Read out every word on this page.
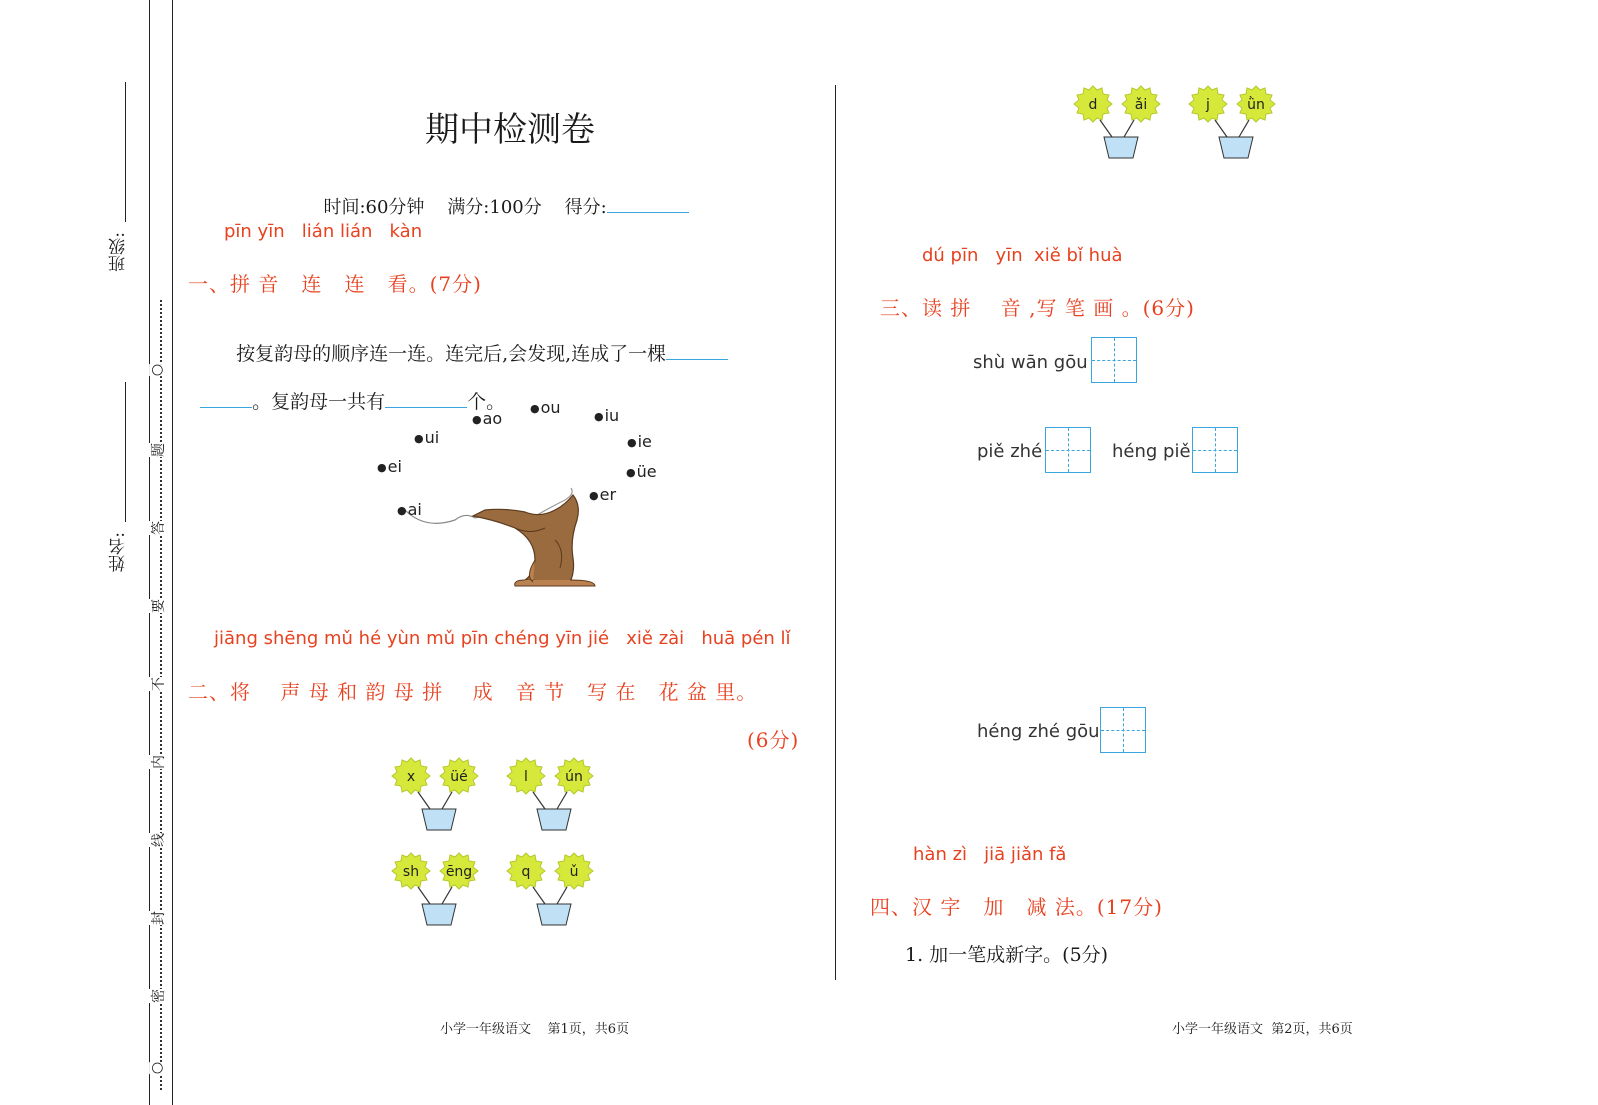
班级:
姓名:
○
题
答
要
不
内
线
封
密
○
期中检测卷

时间:60分钟 满分:100分 得分:

pīn yīn   lián lián   kàn
一、拼 音   连   连   看。(7分)

按复韵母的顺序连一连。连完后,会发现,连成了一棵

。复韵母一共有	个。

● ai
● ei
● ui
● ao
● ou
●	iu
● ie
● üe
● er
jiāng shēng mǔ hé yùn mǔ pīn chéng yīn jié   xiě zài   huā pén lǐ
二、将    声 母 和 韵 母 拼    成   音 节   写 在   花 盆 里。
(6分)
x	üé	l	ún
sh ēng	q	ǔ
小学一年级语文    第1页，共6页
d	ǎi	j	ǜn
dú pīn   yīn  xiě bǐ huà
三、读 拼    音 ,写 笔 画 。(6分)
shù wān gōu
piě zhé	héng piě
héng zhé gōu
hàn zì   jiā jiǎn fǎ
四、汉 字   加   减 法。(17分)
1. 加一笔成新字。(5分)
小学一年级语文  第2页，共6页
